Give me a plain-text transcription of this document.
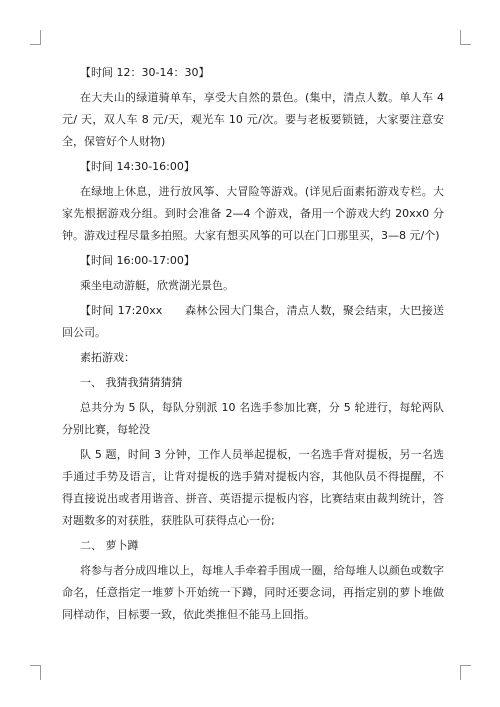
【时间 12：30-14：30】

在大夫山的绿道骑单车，享受大自然的景色。(集中，清点人数。单人车 4 元/ 天，双人车 8 元/天，观光车 10 元/次。要与老板要锁链，大家要注意安全，保管好个人财物)

【时间 14:30-16:00】

在绿地上休息，进行放风筝、大冒险等游戏。(详见后面素拓游戏专栏。大家先根据游戏分组。到时会准备 2—4 个游戏，备用一个游戏大约 20xx0 分钟。游戏过程尽量多拍照。大家有想买风筝的可以在门口那里买，3—8 元/个)

【时间 16:00-17:00】

乘坐电动游艇，欣赏湖光景色。

【时间 17:20xx　　森林公园大门集合，清点人数，聚会结束，大巴接送回公司。

素拓游戏：

一、 我猜我猜猜猜猜

总共分为 5 队，每队分别派 10 名选手参加比赛，分 5 轮进行，每轮两队分别比赛，每轮没

队 5 题，时间 3 分钟，工作人员举起提板，一名选手背对提板，另一名选手通过手势及语言，让背对提板的选手猜对提板内容，其他队员不得提醒，不得直接说出或者用谐音、拼音、英语提示提板内容，比赛结束由裁判统计，答对题数多的对获胜，获胜队可获得点心一份;

二、 萝卜蹲

将参与者分成四堆以上，每堆人手牵着手围成一圈，给每堆人以颜色或数字命名，任意指定一堆萝卜开始统一下蹲，同时还要念词，再指定别的萝卜堆做同样动作，目标要一致，依此类推但不能马上回指。
